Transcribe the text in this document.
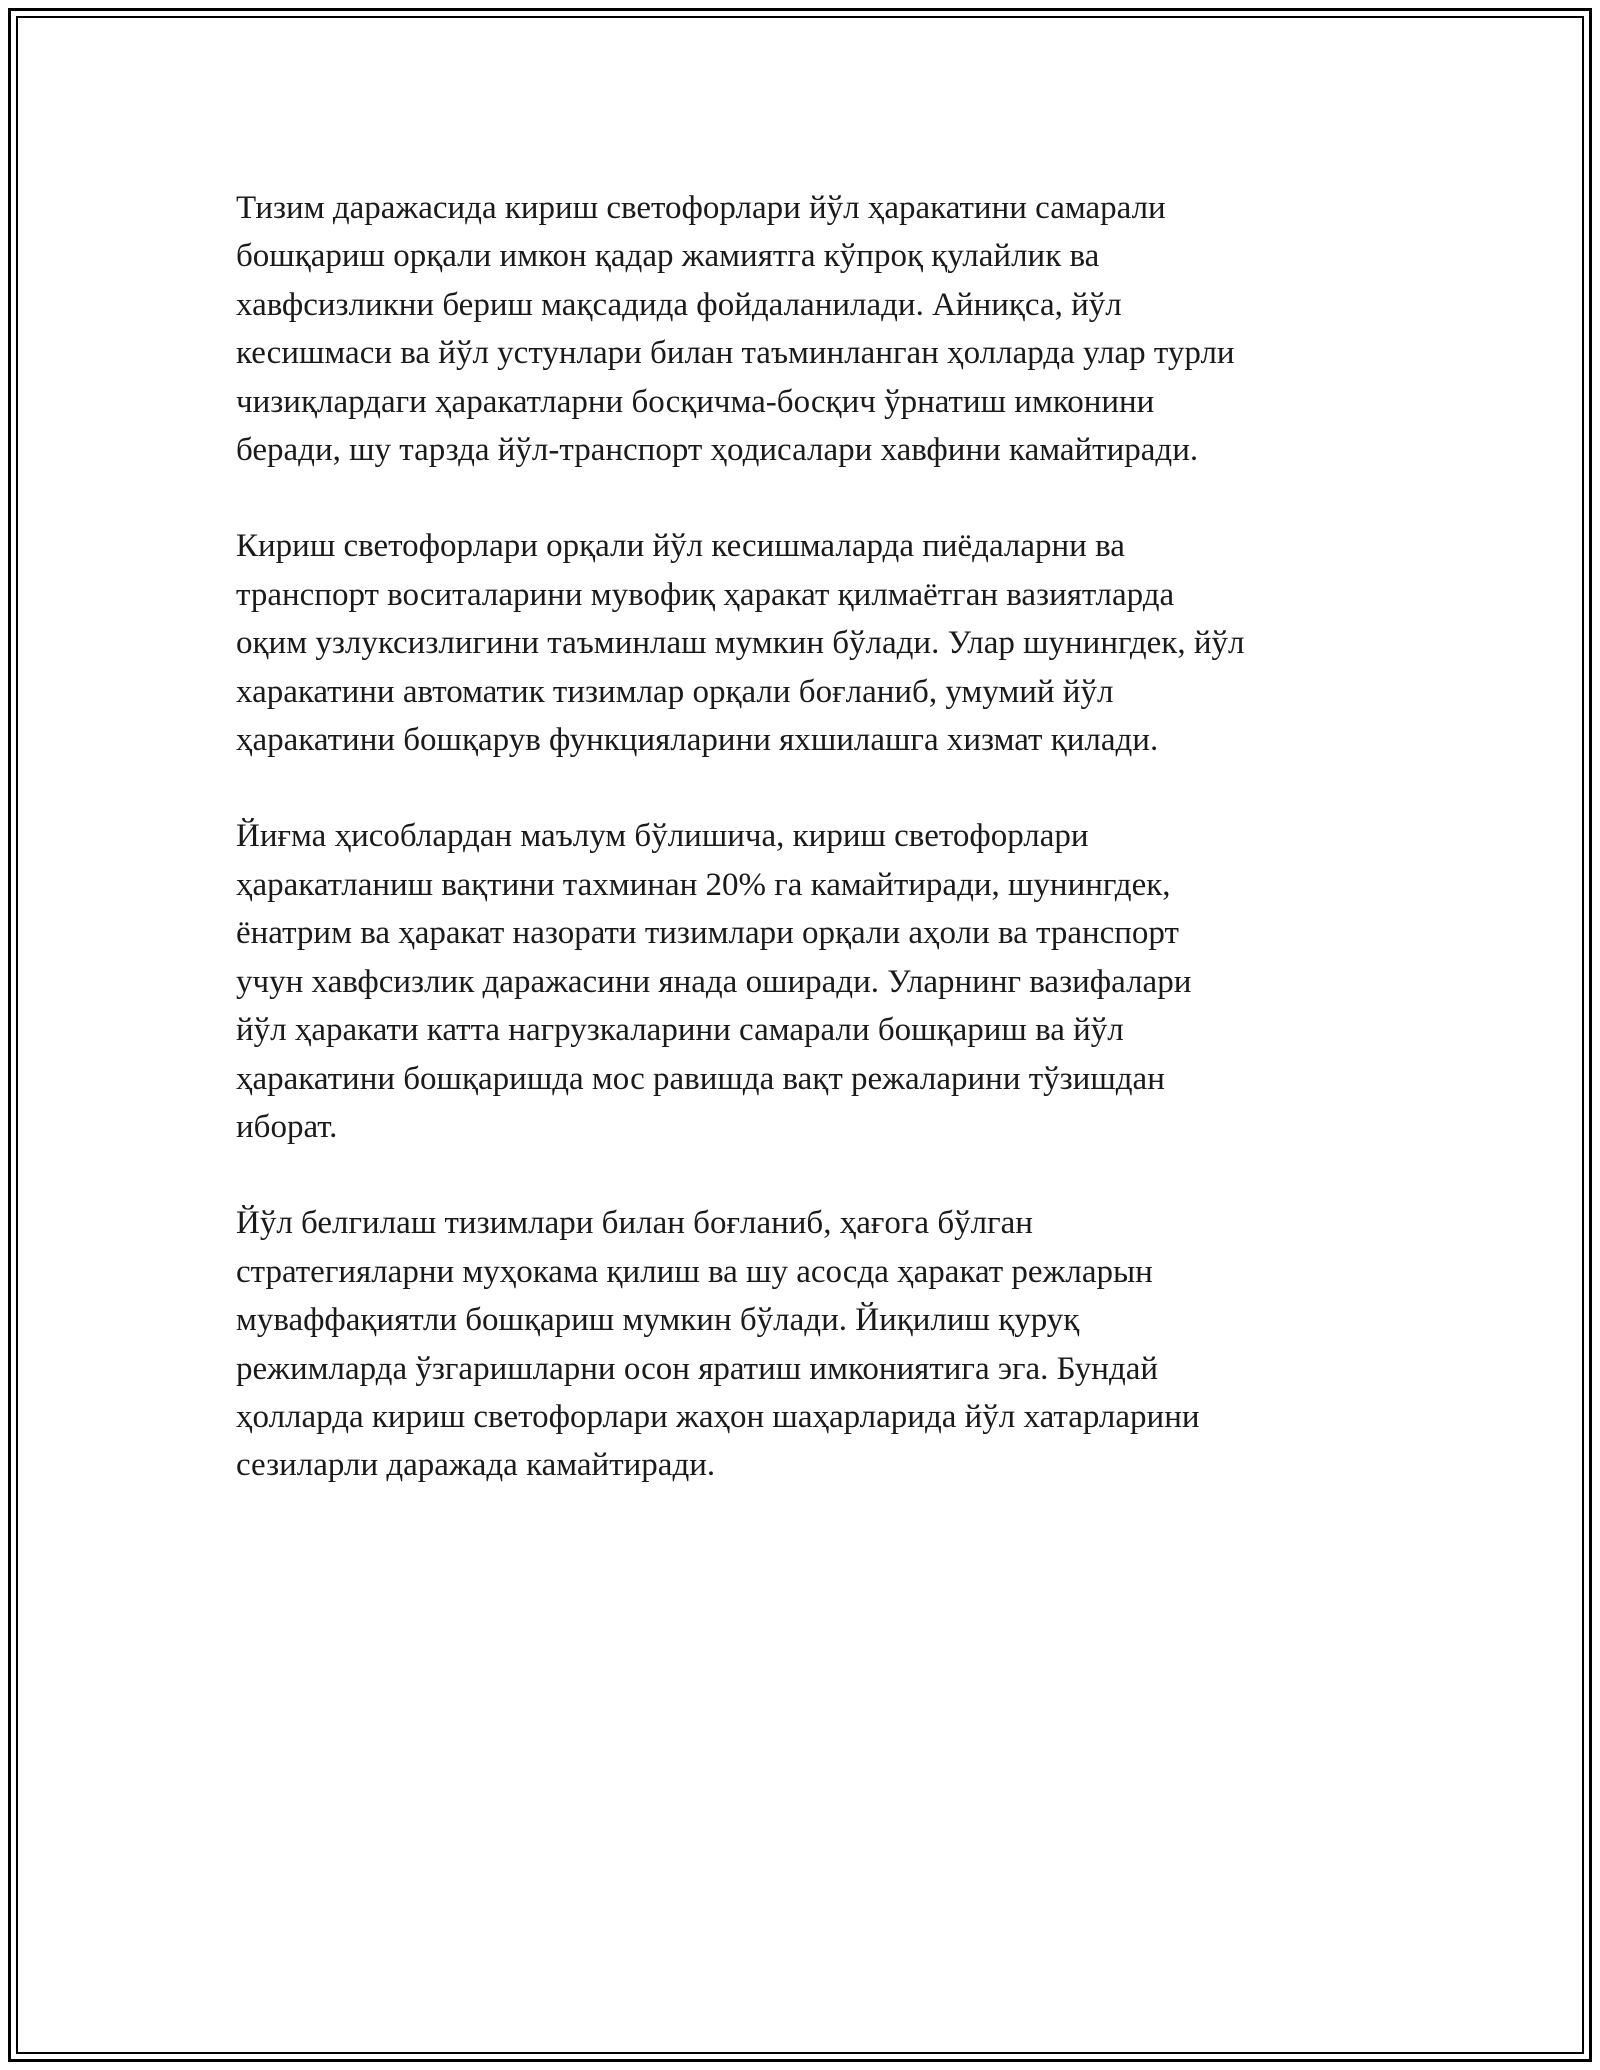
Тизим даражасида кириш светофорлари йўл ҳаракатини самарали
бошқариш орқали имкон қадар жамиятга кўпроқ қулайлик ва
хавфсизликни бериш мақсадида фойдаланилади. Айниқса, йўл
кесишмаси ва йўл устунлари билан таъминланган ҳолларда улар турли
чизиқлардаги ҳаракатларни босқичма-босқич ўрнатиш имконини
беради, шу тарзда йўл-транспорт ҳодисалари хавфини камайтиради.

Кириш светофорлари орқали йўл кесишмаларда пиёдаларни ва
транспорт воситаларини мувофиқ ҳаракат қилмаётган вазиятларда
оқим узлуксизлигини таъминлаш мумкин бўлади. Улар шунингдек, йўл
харакатини автоматик тизимлар орқали боғланиб, умумий йўл
ҳаракатини бошқарув функцияларини яхшилашга хизмат қилади.

Йиғма ҳисоблардан маълум бўлишича, кириш светофорлари
ҳаракатланиш вақтини тахминан 20% га камайтиради, шунингдек,
ёнатрим ва ҳаракат назорати тизимлари орқали аҳоли ва транспорт
учун хавфсизлик даражасини янада оширади. Уларнинг вазифалари
йўл ҳаракати катта нагрузкаларини самарали бошқариш ва йўл
ҳаракатини бошқаришда мос равишда вақт режаларини тўзишдан
иборат.

Йўл белгилаш тизимлари билан боғланиб, ҳағога бўлган
стратегияларни муҳокама қилиш ва шу асосда ҳаракат режларын
муваффақиятли бошқариш мумкин бўлади. Йиқилиш қуруқ
режимларда ўзгаришларни осон яратиш имкониятига эга. Бундай
ҳолларда кириш светофорлари жаҳон шаҳарларида йўл хатарларини
сезиларли даражада камайтиради.
